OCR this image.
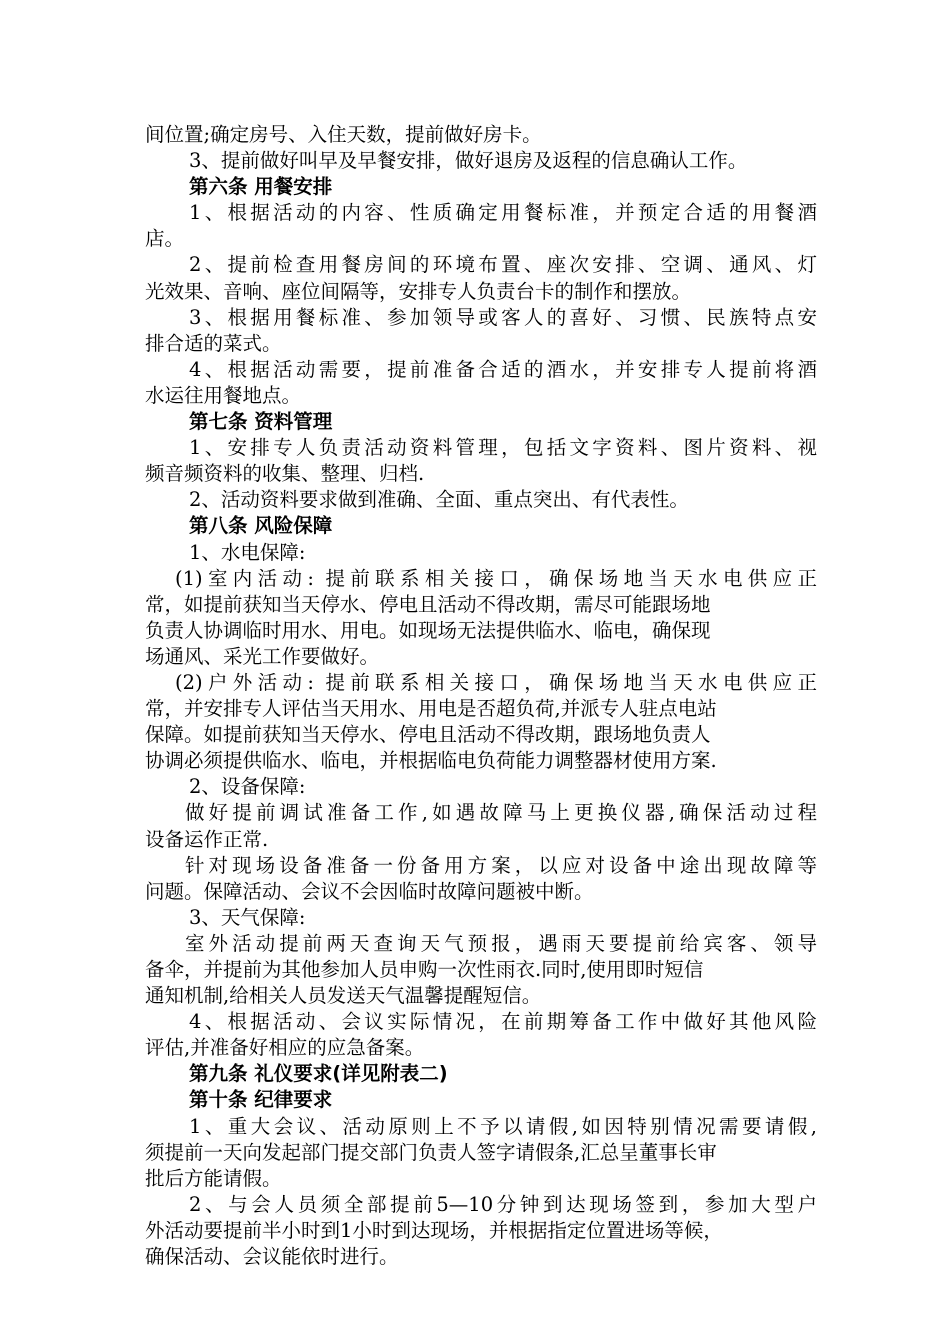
间位置;确定房号、入住天数，提前做好房卡。
3、提前做好叫早及早餐安排，做好退房及返程的信息确认工作。
第六条 用餐安排
1、根据活动的内容、性质确定用餐标准，并预定合适的用餐酒
店。
2、提前检查用餐房间的环境布置、座次安排、空调、通风、灯
光效果、音响、座位间隔等，安排专人负责台卡的制作和摆放。
3、根据用餐标准、参加领导或客人的喜好、习惯、民族特点安
排合适的菜式。
4、根据活动需要，提前准备合适的酒水，并安排专人提前将酒
水运往用餐地点。
第七条 资料管理
1、安排专人负责活动资料管理，包括文字资料、图片资料、视
频音频资料的收集、整理、归档.
2、活动资料要求做到准确、全面、重点突出、有代表性。
第八条 风险保障
1、水电保障:
(1)室内活动: 提前联系相关接口，确保场地当天水电供应正
常，如提前获知当天停水、停电且活动不得改期，需尽可能跟场地
负责人协调临时用水、用电。如现场无法提供临水、临电，确保现
场通风、采光工作要做好。
(2)户外活动: 提前联系相关接口，确保场地当天水电供应正
常，并安排专人评估当天用水、用电是否超负荷,并派专人驻点电站
保障。如提前获知当天停水、停电且活动不得改期，跟场地负责人
协调必须提供临水、临电，并根据临电负荷能力调整器材使用方案.
2、设备保障:
做好提前调试准备工作,如遇故障马上更换仪器,确保活动过程
设备运作正常.
针对现场设备准备一份备用方案，以应对设备中途出现故障等
问题。保障活动、会议不会因临时故障问题被中断。
3、天气保障:
室外活动提前两天查询天气预报，遇雨天要提前给宾客、领导
备伞，并提前为其他参加人员申购一次性雨衣.同时,使用即时短信
通知机制,给相关人员发送天气温馨提醒短信。
4、根据活动、会议实际情况，在前期筹备工作中做好其他风险
评估,并准备好相应的应急备案。
第九条 礼仪要求(详见附表二)
第十条 纪律要求
1、重大会议、活动原则上不予以请假,如因特别情况需要请假,
须提前一天向发起部门提交部门负责人签字请假条,汇总呈董事长审
批后方能请假。
2、与会人员须全部提前5—10分钟到达现场签到，参加大型户
外活动要提前半小时到1小时到达现场，并根据指定位置进场等候，
确保活动、会议能依时进行。
